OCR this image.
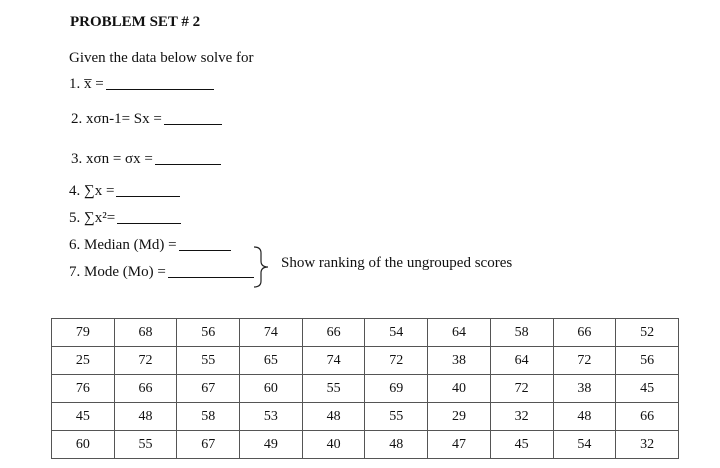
PROBLEM SET # 2
Given the data below solve for
1. x̅ =
2. xσn-1= Sx =
3. xσn = σx =
4. ∑x =
5. ∑x²=
6. Median (Md) =
7. Mode (Mo) =
Show ranking of the ungrouped scores
79	68	56	74	66	54	64	58	66	52
25	72	55	65	74	72	38	64	72	56
76	66	67	60	55	69	40	72	38	45
45	48	58	53	48	55	29	32	48	66
60	55	67	49	40	48	47	45	54	32
